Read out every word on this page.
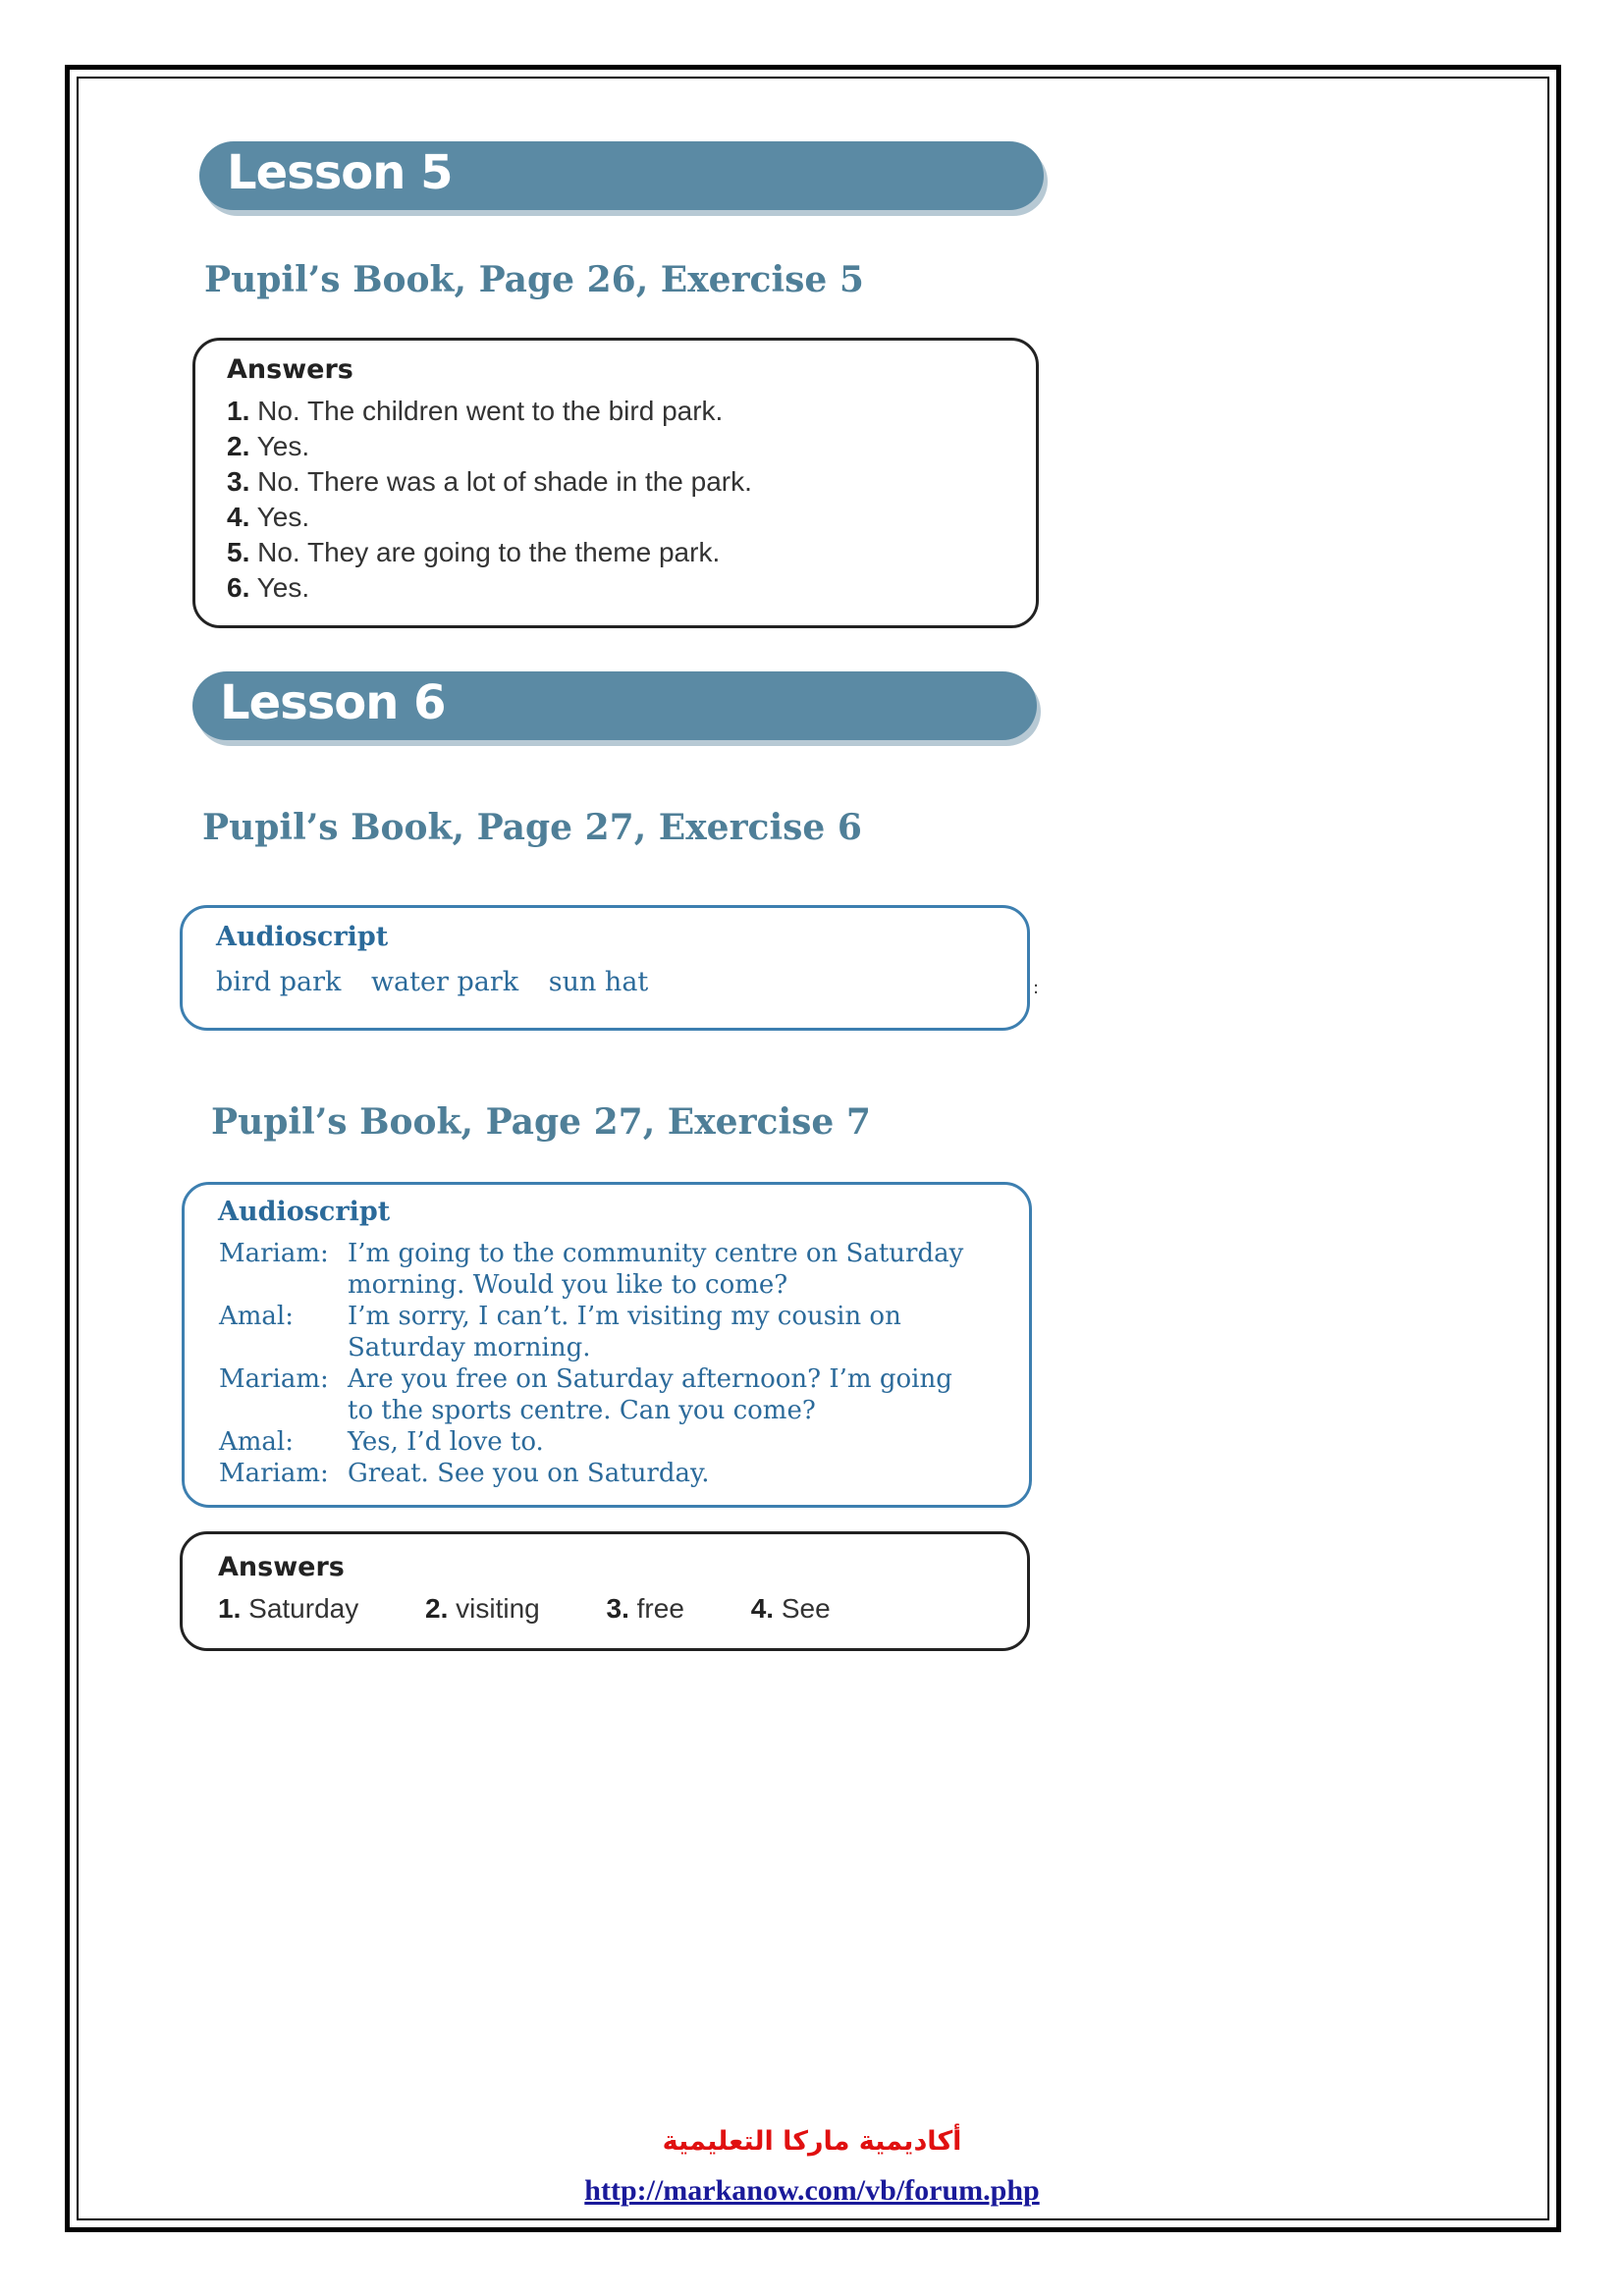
Lesson 5
Pupil’s Book, Page 26, Exercise 5

Answers

1. No. The children went to the bird park.
2. Yes.
3. No. There was a lot of shade in the park.
4. Yes.
5. No. They are going to the theme park.
6. Yes.
Lesson 6
Pupil’s Book, Page 27, Exercise 6

Audioscript

bird park water park sun hat	:
Pupil’s Book, Page 27, Exercise 7

Audioscript

Mariam: I’m going to the community centre on Saturday morning. Would you like to come?
Amal: I’m sorry, I can’t. I’m visiting my cousin on Saturday morning.
Mariam: Are you free on Saturday afternoon? I’m going to the sports centre. Can you come?
Amal: Yes, I’d love to.
Mariam: Great. See you on Saturday.

Answers

1. Saturday 2. visiting 3. free 4. See

أكاديمية ماركا التعليمية

http://markanow.com/vb/forum.php
